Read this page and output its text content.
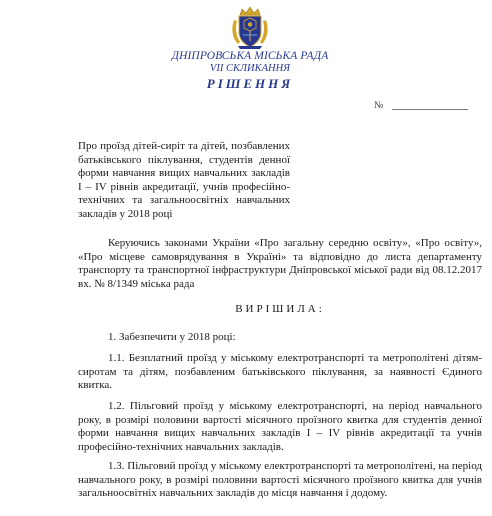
ДНІПРОВСЬКА МІСЬКА РАДА
VII СКЛИКАННЯ
РІШЕННЯ
№
Про проїзд дітей-сиріт та дітей, позбавлених батьківського піклування, студентів денної форми навчання вищих навчальних закладів І – IV рівнів акредитації, учнів професійно-технічних та загальноосвітніх навчальних закладів у 2018 році
Керуючись законами України «Про загальну середню освіту», «Про освіту», «Про місцеве самоврядування в Україні» та відповідно до листа департаменту транспорту та транспортної інфраструктури Дніпровської міської ради від 08.12.2017 вх. № 8/1349 міська рада
ВИРІШИЛА:
1. Забезпечити у 2018 році:
1.1. Безплатний проїзд у міському електротранспорті та метрополітені дітям-сиротам та дітям, позбавленим батьківського піклування, за наявності Єдиного квитка.
1.2. Пільговий проїзд у міському електротранспорті, на період навчального року, в розмірі половини вартості місячного проїзного квитка для студентів денної форми навчання вищих навчальних закладів І – IV рівнів акредитації та учнів професійно-технічних навчальних закладів.
1.3. Пільговий проїзд у міському електротранспорті та метрополітені, на період навчального року, в розмірі половини вартості місячного проїзного квитка для учнів загальноосвітніх навчальних закладів до місця навчання і додому.
